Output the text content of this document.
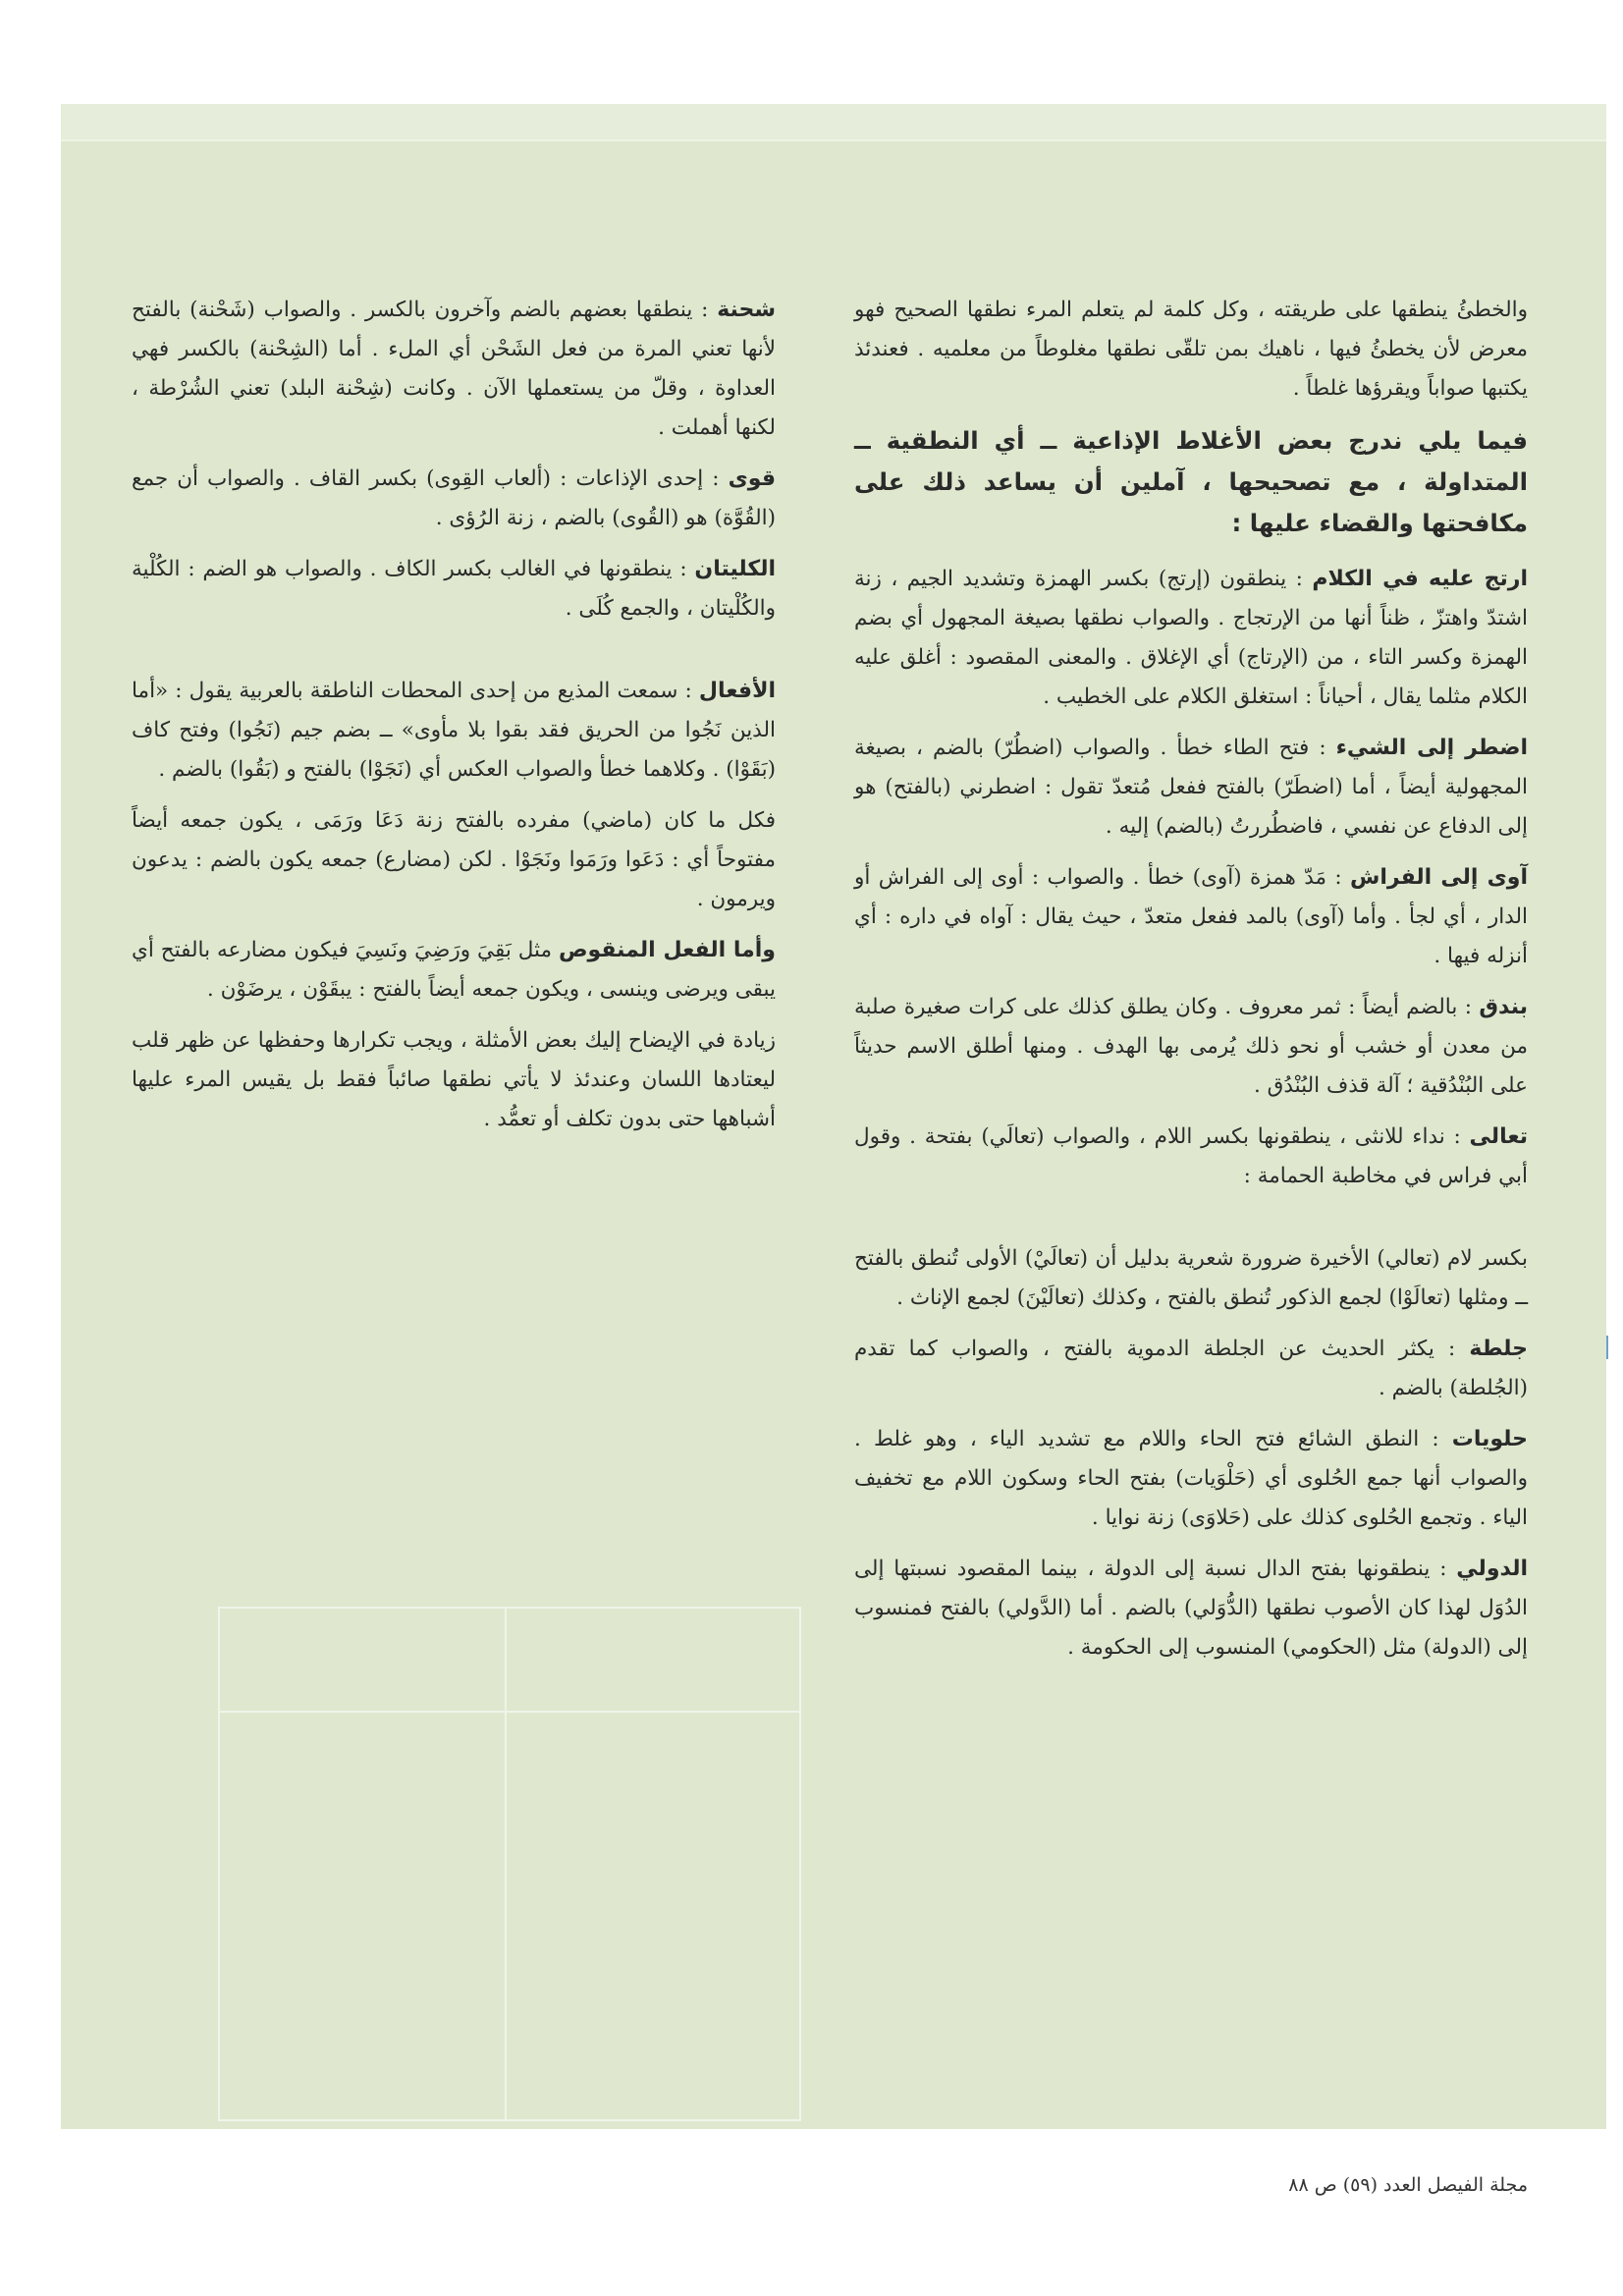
والخطئُ ينطقها على طريقته ، وكل كلمة لم يتعلم المرء نطقها الصحيح فهو معرض لأن يخطئُ فيها ، ناهيك بمن تلقّى نطقها مغلوطاً من معلميه . فعندئذ يكتبها صواباً ويقرؤها غلطاً .

فيما يلي ندرج بعض الأغلاط الإذاعية ــ أي النطقية ــ المتداولة ، مع تصحيحها ، آملين أن يساعد ذلك على مكافحتها والقضاء عليها :

ارتج عليه في الكلام : ينطقون (إرتج) بكسر الهمزة وتشديد الجيم ، زنة اشتدّ واهتزّ ، ظناً أنها من الإرتجاج . والصواب نطقها بصيغة المجهول أي بضم الهمزة وكسر التاء ، من (الإرتاج) أي الإغلاق . والمعنى المقصود : أغلق عليه الكلام مثلما يقال ، أحياناً : استغلق الكلام على الخطيب .

اضطر إلى الشيء : فتح الطاء خطأ . والصواب (اضطُرّ) بالضم ، بصيغة المجهولية أيضاً ، أما (اضطَرّ) بالفتح ففعل مُتعدّ تقول : اضطرني (بالفتح) هو إلى الدفاع عن نفسي ، فاضطُررتُ (بالضم) إليه .

آوى إلى الفراش : مَدّ همزة (آوى) خطأ . والصواب : أوى إلى الفراش أو الدار ، أي لجأ . وأما (آوى) بالمد ففعل متعدّ ، حيث يقال : آواه في داره : أي أنزله فيها .

بندق : بالضم أيضاً : ثمر معروف . وكان يطلق كذلك على كرات صغيرة صلبة من معدن أو خشب أو نحو ذلك يُرمى بها الهدف . ومنها أطلق الاسم حديثاً على البُنْدُقية ؛ آلة قذف البُنْدُق .

تعالى : نداء للانثى ، ينطقونها بكسر اللام ، والصواب (تعالَي) بفتحة . وقول أبي فراس في مخاطبة الحمامة :

بكسر لام (تعالي) الأخيرة ضرورة شعرية بدليل أن (تعالَيْ) الأولى تُنطق بالفتح ــ ومثلها (تعالَوْا) لجمع الذكور تُنطق بالفتح ، وكذلك (تعالَيْنَ) لجمع الإناث .

جلطة : يكثر الحديث عن الجلطة الدموية بالفتح ، والصواب كما تقدم (الجُلطة) بالضم .

حلويات : النطق الشائع فتح الحاء واللام مع تشديد الياء ، وهو غلط . والصواب أنها جمع الحُلوى أي (حَلْوَيات) بفتح الحاء وسكون اللام مع تخفيف الياء . وتجمع الحُلوى كذلك على (حَلاوَى) زنة نوايا .

الدولي : ينطقونها بفتح الدال نسبة إلى الدولة ، بينما المقصود نسبتها إلى الدُوَل لهذا كان الأصوب نطقها (الدُّوَلي) بالضم . أما (الدَّولي) بالفتح فمنسوب إلى (الدولة) مثل (الحكومي) المنسوب إلى الحكومة .

شحنة : ينطقها بعضهم بالضم وآخرون بالكسر . والصواب (شَحْنة) بالفتح لأنها تعني المرة من فعل الشَحْن أي الملء . أما (الشِحْنة) بالكسر فهي العداوة ، وقلّ من يستعملها الآن . وكانت (شِحْنة البلد) تعني الشُرْطة ، لكنها أهملت .

قوى : إحدى الإذاعات : (ألعاب القِوى) بكسر القاف . والصواب أن جمع (القُوَّة) هو (القُوى) بالضم ، زنة الرُؤى .

الكليتان : ينطقونها في الغالب بكسر الكاف . والصواب هو الضم : الكُلْية والكُلْيتان ، والجمع كُلَى .

الأفعال : سمعت المذيع من إحدى المحطات الناطقة بالعربية يقول : «أما الذين نَجُوا من الحريق فقد بقوا بلا مأوى» ــ بضم جيم (نَجُوا) وفتح كاف (بَقَوْا) . وكلاهما خطأ والصواب العكس أي (نَجَوْا) بالفتح و (بَقُوا) بالضم .

فكل ما كان (ماضي) مفرده بالفتح زنة دَعَا ورَمَى ، يكون جمعه أيضاً مفتوحاً أي : دَعَوا ورَمَوا ونَجَوْا . لكن (مضارع) جمعه يكون بالضم : يدعون ويرمون .

وأما الفعل المنقوص مثل بَقِيَ ورَضِيَ ونَسِيَ فيكون مضارعه بالفتح أي يبقى ويرضى وينسى ، ويكون جمعه أيضاً بالفتح : يبقَوْن ، يرضَوْن .

زيادة في الإيضاح إليك بعض الأمثلة ، ويجب تكرارها وحفظها عن ظهر قلب ليعتادها اللسان وعندئذ لا يأتي نطقها صائباً فقط بل يقيس المرء عليها أشباهها حتى بدون تكلف أو تعمُّد .

مجلة الفيصل العدد (٥٩) ص ٨٨
